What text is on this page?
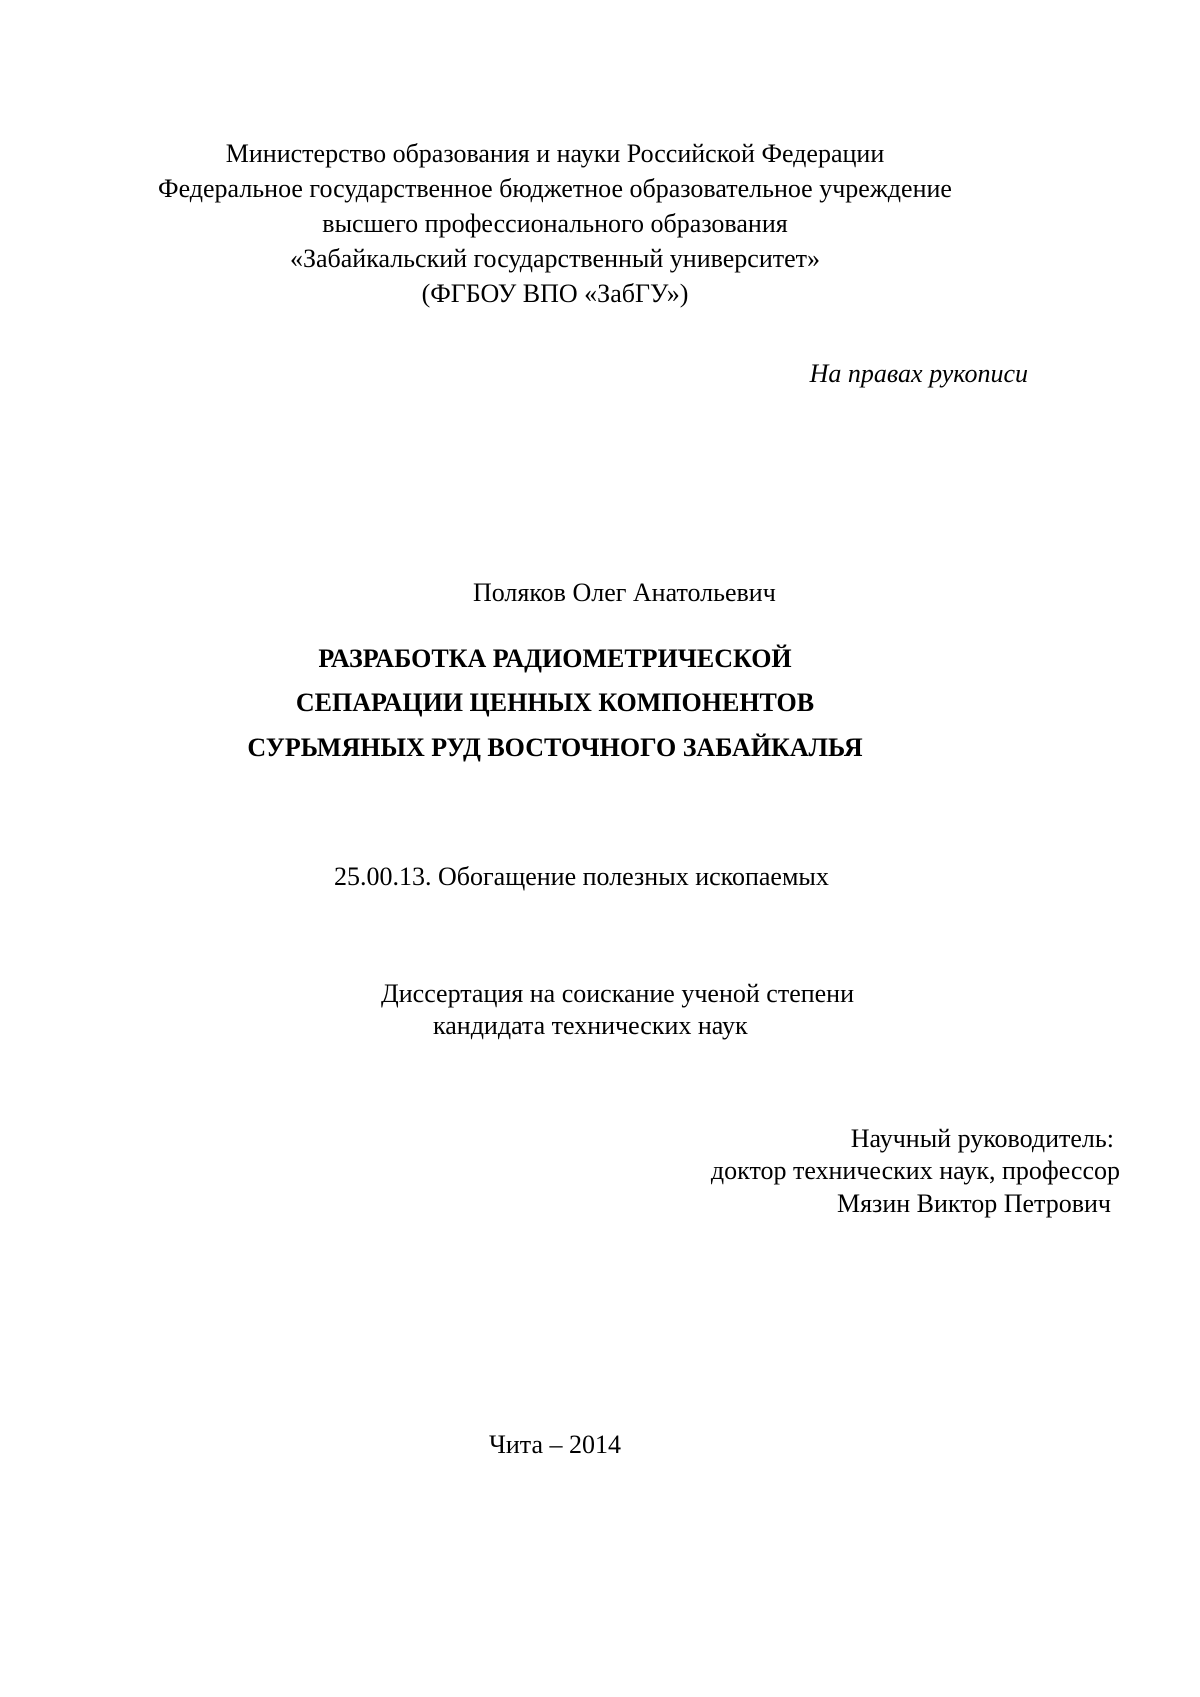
Министерство образования и науки Российской Федерации
Федеральное государственное бюджетное образовательное учреждение
высшего профессионального образования
«Забайкальский государственный университет»
(ФГБОУ ВПО «ЗабГУ»)
На правах рукописи
Поляков Олег Анатольевич
РАЗРАБОТКА РАДИОМЕТРИЧЕСКОЙ
СЕПАРАЦИИ ЦЕННЫХ КОМПОНЕНТОВ
СУРЬМЯНЫХ РУД ВОСТОЧНОГО ЗАБАЙКАЛЬЯ
25.00.13. Обогащение полезных ископаемых
Диссертация на соискание ученой степени
кандидата технических наук
Научный руководитель:
доктор технических наук, профессор
Мязин Виктор Петрович
Чита – 2014
